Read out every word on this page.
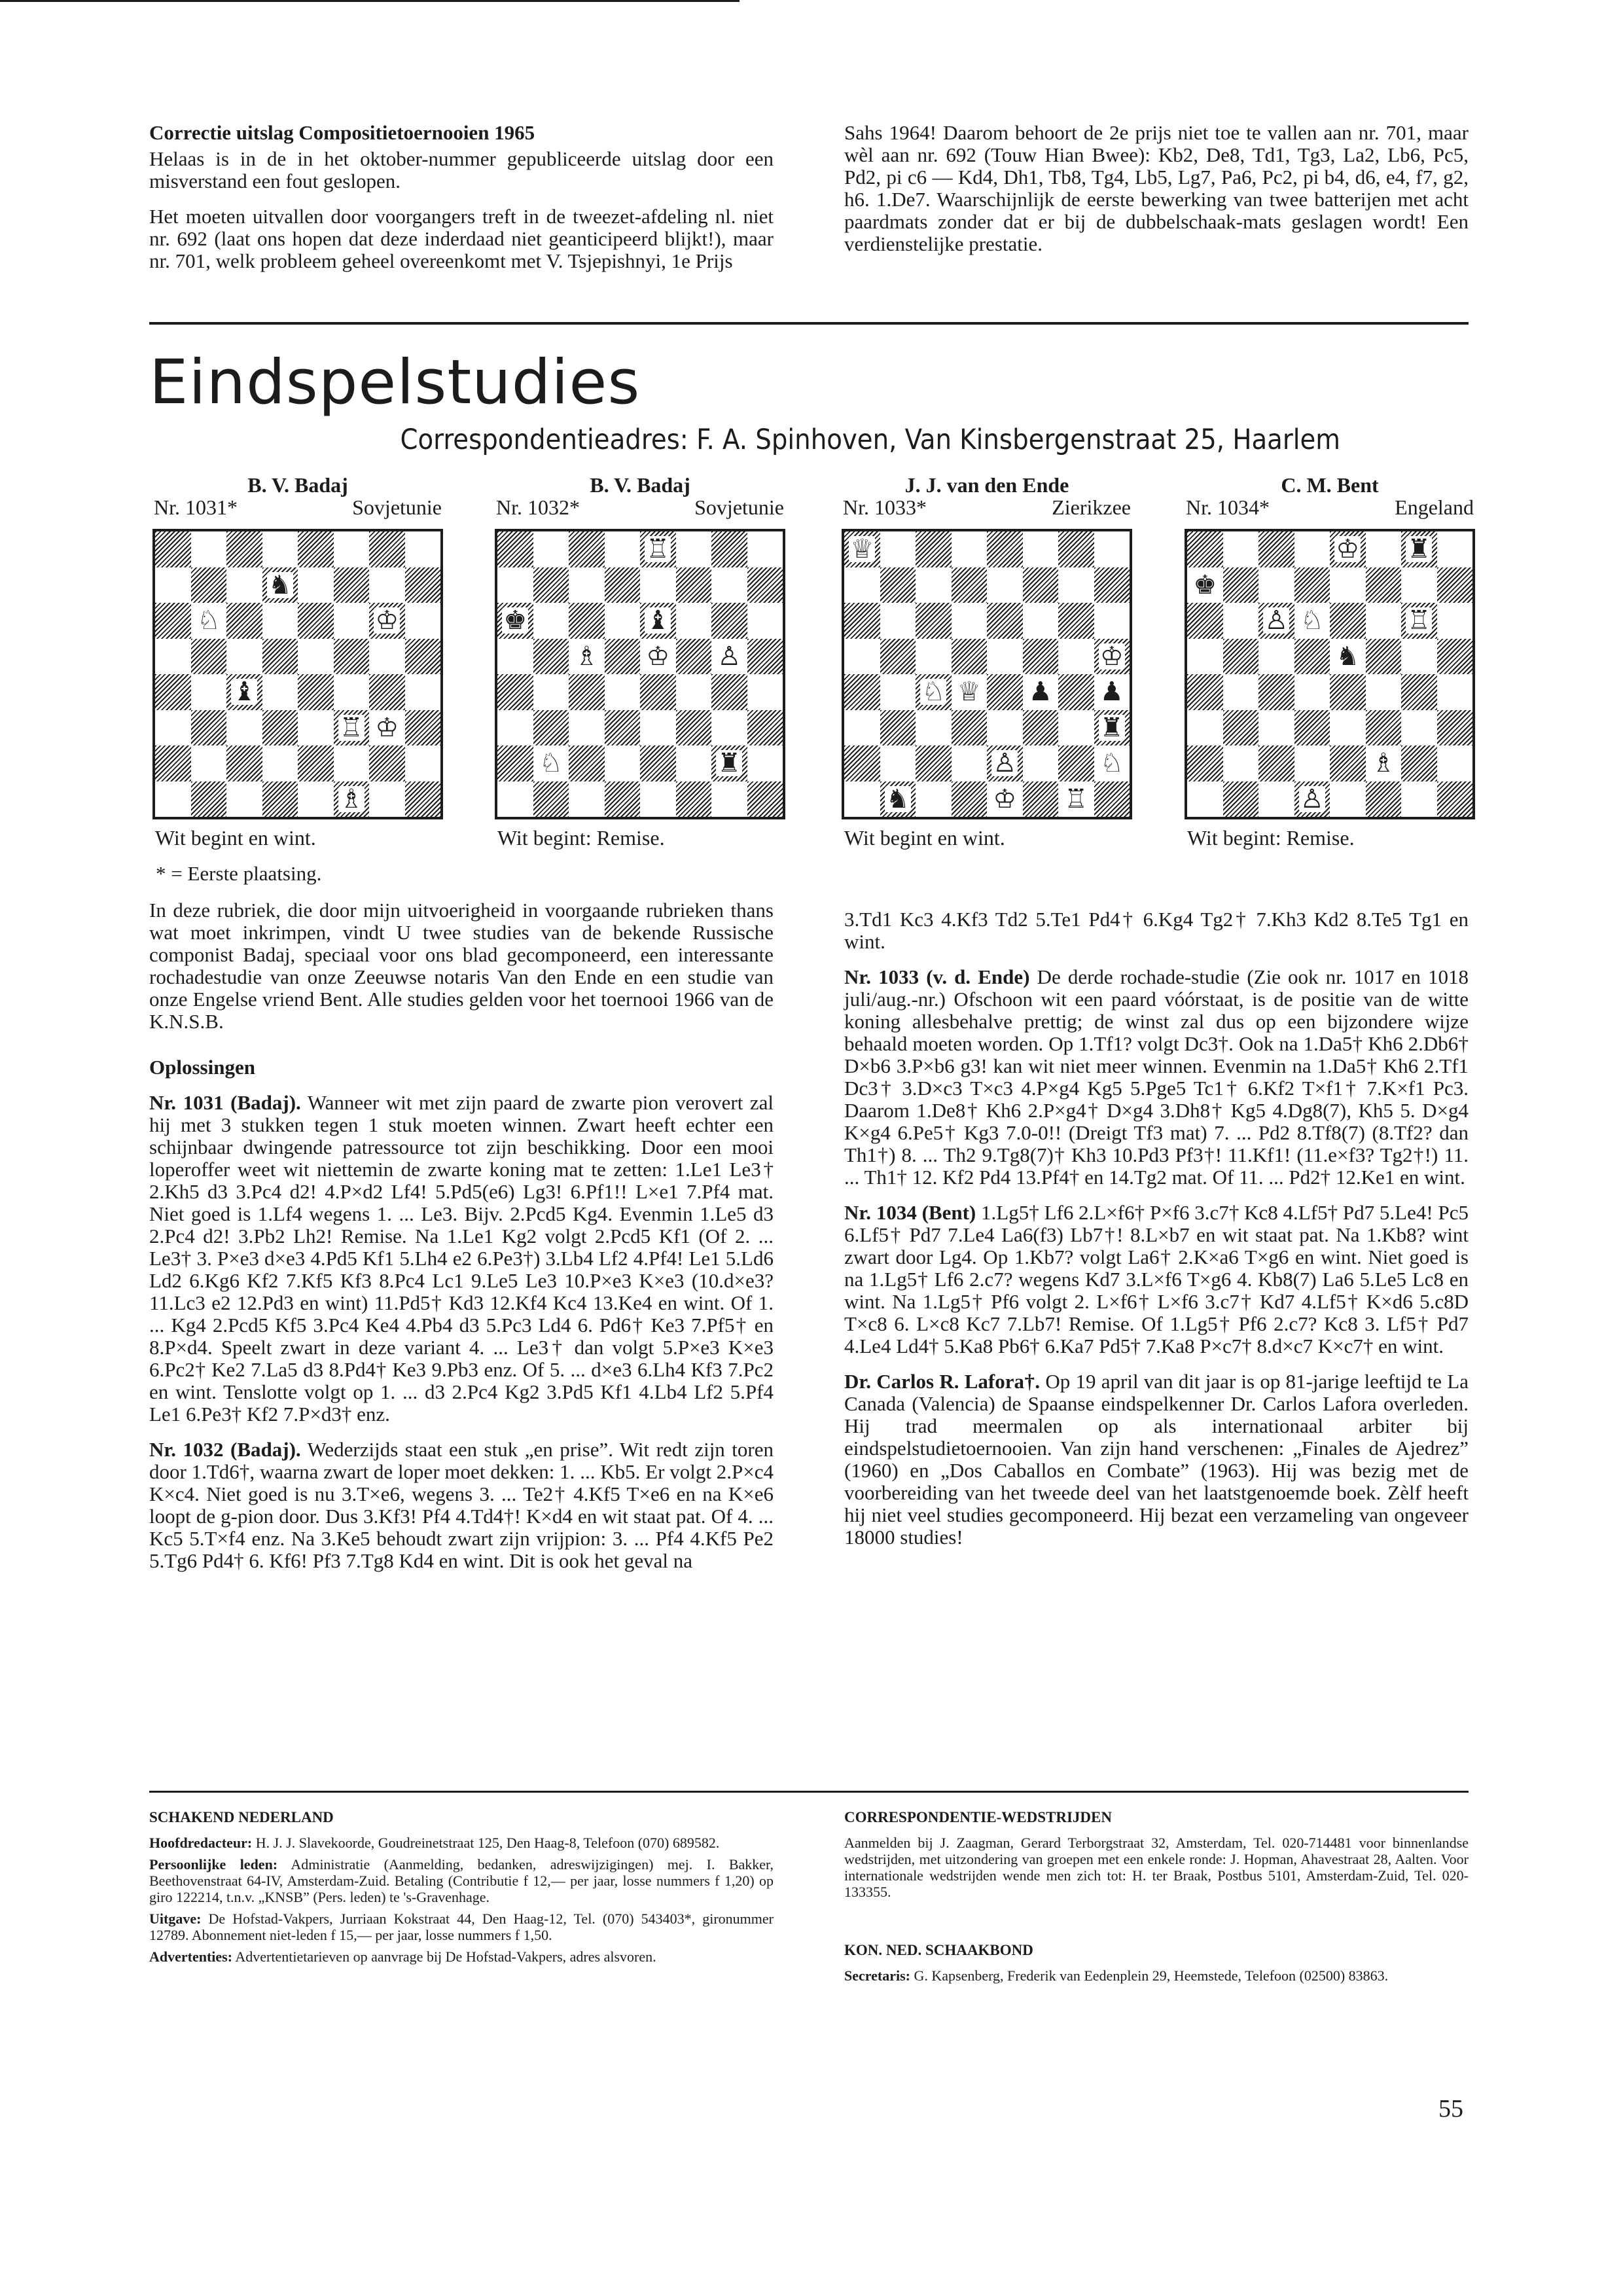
Correctie uitslag Compositietoernooien 1965

Helaas is in de in het oktober-nummer gepubliceerde uitslag door een misverstand een fout geslopen.

Het moeten uitvallen door voorgangers treft in de tweezet-afdeling nl. niet nr. 692 (laat ons hopen dat deze inderdaad niet geanticipeerd blijkt!), maar nr. 701, welk probleem geheel overeenkomt met V. Tsjepishnyi, 1e Prijs

Sahs 1964! Daarom behoort de 2e prijs niet toe te vallen aan nr. 701, maar wèl aan nr. 692 (Touw Hian Bwee): Kb2, De8, Td1, Tg3, La2, Lb6, Pc5, Pd2, pi c6 — Kd4, Dh1, Tb8, Tg4, Lb5, Lg7, Pa6, Pc2, pi b4, d6, e4, f7, g2, h6. 1.De7. Waarschijnlijk de eerste bewerking van twee batterijen met acht paardmats zonder dat er bij de dubbelschaak-mats geslagen wordt! Een verdienstelijke prestatie.

Eindspelstudies
Correspondentieadres: F. A. Spinhoven, Van Kinsbergenstraat 25, Haarlem
B. V. Badaj
Nr. 1031*	Sovjetunie
♞
♘	♔
♝
♖ ♔
♗
Wit begint en wint.
B. V. Badaj
Nr. 1032*	Sovjetunie
♖
♚	♝
♗ ♔ ♙
♘	♜
Wit begint: Remise.
J. J. van den Ende
Nr. 1033*	Zierikzee
♕
♔
♘ ♕ ♟ ♟
♜
♙	♘
♞	♔ ♖
Wit begint en wint.
C. M. Bent
Nr. 1034*	Engeland
♔ ♜
♚
♙ ♘	♖
♞
♗
♙
Wit begint: Remise.

* = Eerste plaatsing.

In deze rubriek, die door mijn uitvoerigheid in voorgaande rubrieken thans wat moet inkrimpen, vindt U twee studies van de bekende Russische componist Badaj, speciaal voor ons blad gecomponeerd, een interessante rochadestudie van onze Zeeuwse notaris Van den Ende en een studie van onze Engelse vriend Bent. Alle studies gelden voor het toernooi 1966 van de K.N.S.B.

Oplossingen

Nr. 1031 (Badaj). Wanneer wit met zijn paard de zwarte pion verovert zal hij met 3 stukken tegen 1 stuk moeten winnen. Zwart heeft echter een schijnbaar dwingende patressource tot zijn beschikking. Door een mooi loperoffer weet wit niettemin de zwarte koning mat te zetten: 1.Le1 Le3† 2.Kh5 d3 3.Pc4 d2! 4.P×d2 Lf4! 5.Pd5(e6) Lg3! 6.Pf1!! L×e1 7.Pf4 mat. Niet goed is 1.Lf4 wegens 1. ... Le3. Bijv. 2.Pcd5 Kg4. Evenmin 1.Le5 d3 2.Pc4 d2! 3.Pb2 Lh2! Remise. Na 1.Le1 Kg2 volgt 2.Pcd5 Kf1 (Of 2. ... Le3† 3. P×e3 d×e3 4.Pd5 Kf1 5.Lh4 e2 6.Pe3†) 3.Lb4 Lf2 4.Pf4! Le1 5.Ld6 Ld2 6.Kg6 Kf2 7.Kf5 Kf3 8.Pc4 Lc1 9.Le5 Le3 10.P×e3 K×e3 (10.d×e3? 11.Lc3 e2 12.Pd3 en wint) 11.Pd5† Kd3 12.Kf4 Kc4 13.Ke4 en wint. Of 1. ... Kg4 2.Pcd5 Kf5 3.Pc4 Ke4 4.Pb4 d3 5.Pc3 Ld4 6. Pd6† Ke3 7.Pf5† en 8.P×d4. Speelt zwart in deze variant 4. ... Le3† dan volgt 5.P×e3 K×e3 6.Pc2† Ke2 7.La5 d3 8.Pd4† Ke3 9.Pb3 enz. Of 5. ... d×e3 6.Lh4 Kf3 7.Pc2 en wint. Tenslotte volgt op 1. ... d3 2.Pc4 Kg2 3.Pd5 Kf1 4.Lb4 Lf2 5.Pf4 Le1 6.Pe3† Kf2 7.P×d3† enz.

Nr. 1032 (Badaj). Wederzijds staat een stuk „en prise”. Wit redt zijn toren door 1.Td6†, waarna zwart de loper moet dekken: 1. ... Kb5. Er volgt 2.P×c4 K×c4. Niet goed is nu 3.T×e6, wegens 3. ... Te2† 4.Kf5 T×e6 en na K×e6 loopt de g-pion door. Dus 3.Kf3! Pf4 4.Td4†! K×d4 en wit staat pat. Of 4. ... Kc5 5.T×f4 enz. Na 3.Ke5 behoudt zwart zijn vrijpion: 3. ... Pf4 4.Kf5 Pe2 5.Tg6 Pd4† 6. Kf6! Pf3 7.Tg8 Kd4 en wint. Dit is ook het geval na

3.Td1 Kc3 4.Kf3 Td2 5.Te1 Pd4† 6.Kg4 Tg2† 7.Kh3 Kd2 8.Te5 Tg1 en wint.

Nr. 1033 (v. d. Ende) De derde rochade-studie (Zie ook nr. 1017 en 1018 juli/aug.-nr.) Ofschoon wit een paard vóórstaat, is de positie van de witte koning allesbehalve prettig; de winst zal dus op een bijzondere wijze behaald moeten worden. Op 1.Tf1? volgt Dc3†. Ook na 1.Da5† Kh6 2.Db6† D×b6 3.P×b6 g3! kan wit niet meer winnen. Evenmin na 1.Da5† Kh6 2.Tf1 Dc3† 3.D×c3 T×c3 4.P×g4 Kg5 5.Pge5 Tc1† 6.Kf2 T×f1† 7.K×f1 Pc3. Daarom 1.De8† Kh6 2.P×g4† D×g4 3.Dh8† Kg5 4.Dg8(7), Kh5 5. D×g4 K×g4 6.Pe5† Kg3 7.0-0!! (Dreigt Tf3 mat) 7. ... Pd2 8.Tf8(7) (8.Tf2? dan Th1†) 8. ... Th2 9.Tg8(7)† Kh3 10.Pd3 Pf3†! 11.Kf1! (11.e×f3? Tg2†!) 11. ... Th1† 12. Kf2 Pd4 13.Pf4† en 14.Tg2 mat. Of 11. ... Pd2† 12.Ke1 en wint.

Nr. 1034 (Bent) 1.Lg5† Lf6 2.L×f6† P×f6 3.c7† Kc8 4.Lf5† Pd7 5.Le4! Pc5 6.Lf5† Pd7 7.Le4 La6(f3) Lb7†! 8.L×b7 en wit staat pat. Na 1.Kb8? wint zwart door Lg4. Op 1.Kb7? volgt La6† 2.K×a6 T×g6 en wint. Niet goed is na 1.Lg5† Lf6 2.c7? wegens Kd7 3.L×f6 T×g6 4. Kb8(7) La6 5.Le5 Lc8 en wint. Na 1.Lg5† Pf6 volgt 2. L×f6† L×f6 3.c7† Kd7 4.Lf5† K×d6 5.c8D T×c8 6. L×c8 Kc7 7.Lb7! Remise. Of 1.Lg5† Pf6 2.c7? Kc8 3. Lf5† Pd7 4.Le4 Ld4† 5.Ka8 Pb6† 6.Ka7 Pd5† 7.Ka8 P×c7† 8.d×c7 K×c7† en wint.

Dr. Carlos R. Lafora†. Op 19 april van dit jaar is op 81-jarige leeftijd te La Canada (Valencia) de Spaanse eindspelkenner Dr. Carlos Lafora overleden. Hij trad meermalen op als internationaal arbiter bij eindspelstudietoernooien. Van zijn hand verschenen: „Finales de Ajedrez” (1960) en „Dos Caballos en Combate” (1963). Hij was bezig met de voorbereiding van het tweede deel van het laatstgenoemde boek. Zèlf heeft hij niet veel studies gecomponeerd. Hij bezat een verzameling van ongeveer 18000 studies!

SCHAKEND NEDERLAND

Hoofdredacteur: H. J. J. Slavekoorde, Goudreinetstraat 125, Den Haag-8, Telefoon (070) 689582.

Persoonlijke leden: Administratie (Aanmelding, bedanken, adreswijzigingen) mej. I. Bakker, Beethovenstraat 64-IV, Amsterdam-Zuid. Betaling (Contributie f 12,— per jaar, losse nummers f 1,20) op giro 122214, t.n.v. „KNSB” (Pers. leden) te 's-Gravenhage.

Uitgave: De Hofstad-Vakpers, Jurriaan Kokstraat 44, Den Haag-12, Tel. (070) 543403*, gironummer 12789. Abonnement niet-leden f 15,— per jaar, losse nummers f 1,50.

Advertenties: Advertentietarieven op aanvrage bij De Hofstad-Vakpers, adres alsvoren.

CORRESPONDENTIE-WEDSTRIJDEN

Aanmelden bij J. Zaagman, Gerard Terborgstraat 32, Amsterdam, Tel. 020-714481 voor binnenlandse wedstrijden, met uitzondering van groepen met een enkele ronde: J. Hopman, Ahavestraat 28, Aalten. Voor internationale wedstrijden wende men zich tot: H. ter Braak, Postbus 5101, Amsterdam-Zuid, Tel. 020-133355.

KON. NED. SCHAAKBOND

Secretaris: G. Kapsenberg, Frederik van Eedenplein 29, Heemstede, Telefoon (02500) 83863.

55
